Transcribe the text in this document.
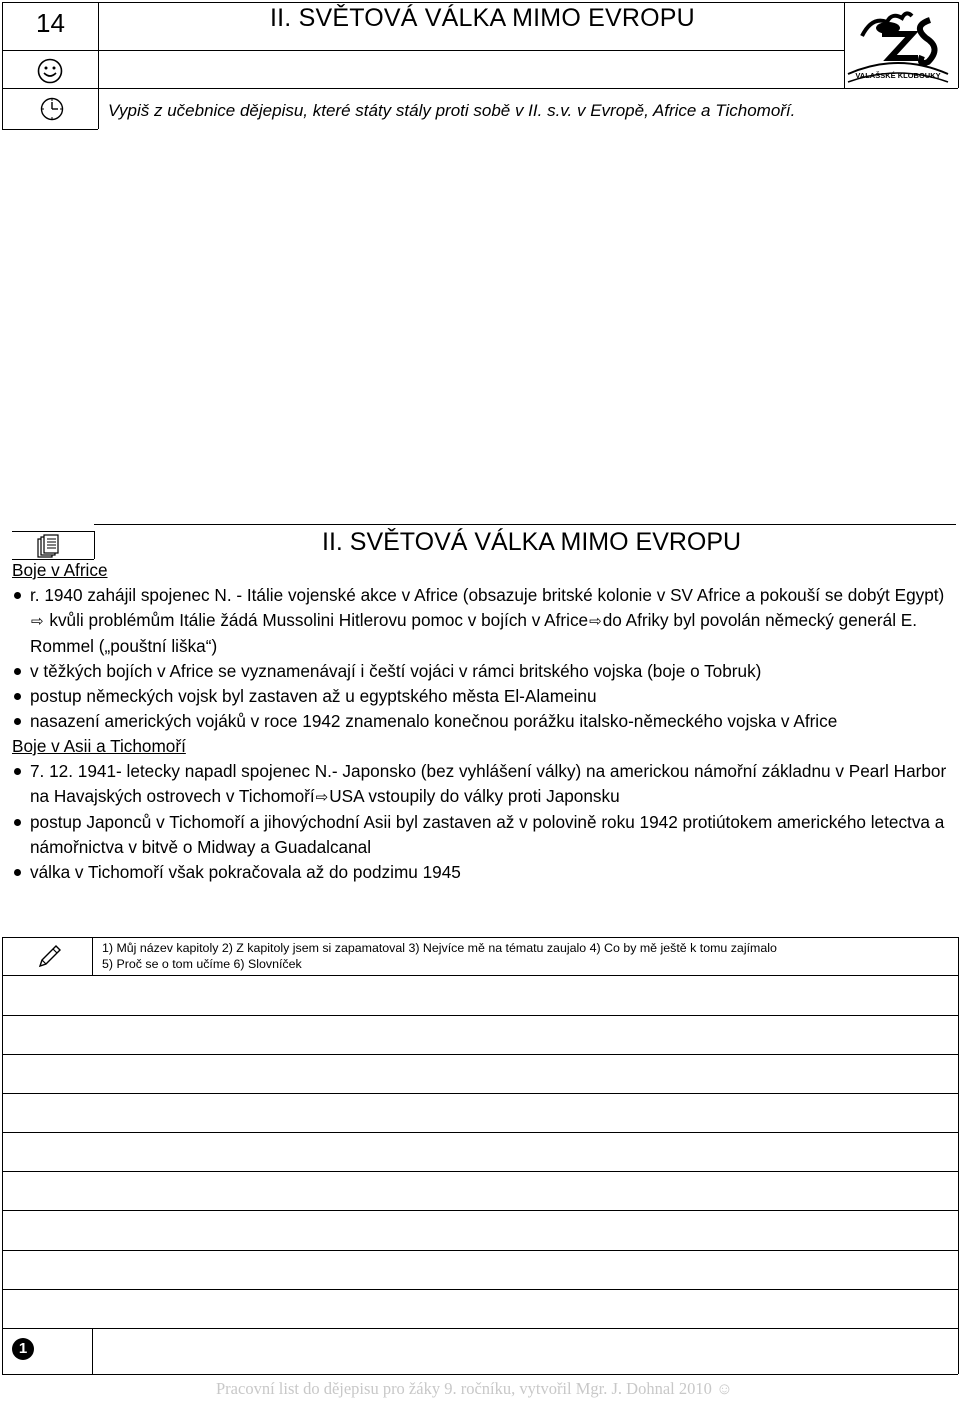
14	II. SVĚTOVÁ VÁLKA MIMO EVROPU
Vypiš z učebnice dějepisu, které státy stály proti sobě v II. s.v. v Evropě, Africe a Tichomoří.
VALAŠSKÉ KLOBOUKY
II. SVĚTOVÁ VÁLKA MIMO EVROPU
Boje v Africe
r. 1940 zahájil spojenec N. - Itálie vojenské akce v Africe (obsazuje britské kolonie v SV Africe a pokouší se dobýt Egypt)⇨ kvůli problémům Itálie žádá Mussolini Hitlerovu pomoc v bojích v Africe⇨do Afriky byl povolán německý generál E. Rommel („pouštní liška“)
v těžkých bojích v Africe se vyznamenávají i čeští vojáci v rámci britského vojska (boje o Tobruk)
postup německých vojsk byl zastaven až u egyptského města El-Alameinu
nasazení amerických vojáků v roce 1942 znamenalo konečnou porážku italsko-německého vojska v Africe
Boje v Asii a Tichomoří
7. 12. 1941- letecky napadl spojenec N.- Japonsko (bez vyhlášení války) na americkou námořní základnu v Pearl Harbor na Havajských ostrovech v Tichomoří⇨USA vstoupily do války proti Japonsku
postup Japonců v Tichomoří a jihovýchodní Asii byl zastaven až v polovině roku 1942 protiútokem amerického letectva a námořnictva v bitvě o Midway a Guadalcanal
válka v Tichomoří však pokračovala až do podzimu 1945
1) Můj název kapitoly 2) Z kapitoly jsem si zapamatoval 3) Nejvíce mě na tématu zaujalo 4) Co by mě ještě k tomu zajímalo
5) Proč se o tom učíme 6) Slovníček
1
Pracovní list do dějepisu pro žáky 9. ročníku, vytvořil Mgr. J. Dohnal 2010 ☺
